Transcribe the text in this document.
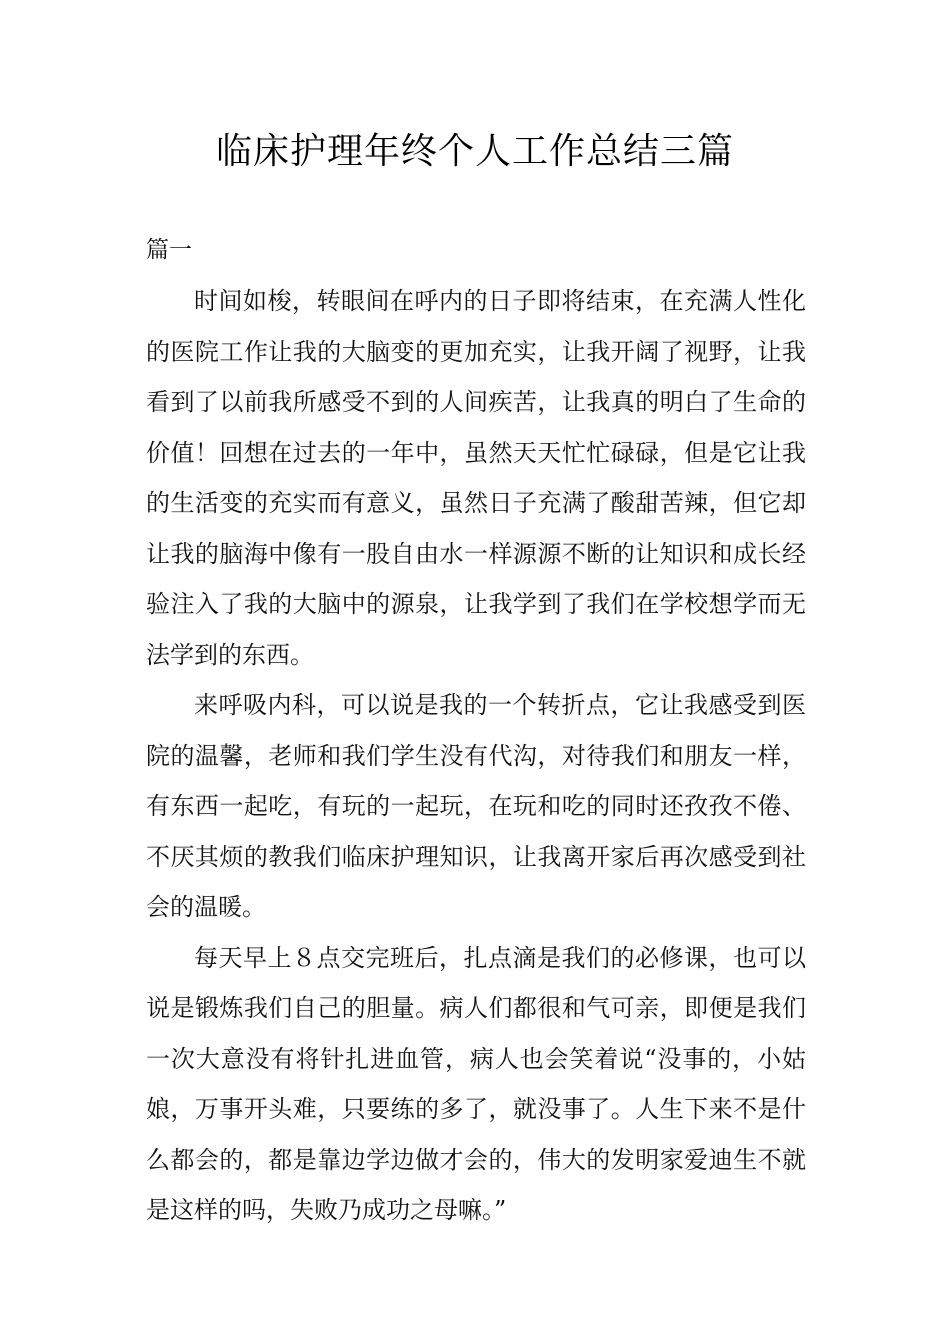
临床护理年终个人工作总结三篇
篇一

时间如梭，转眼间在呼内的日子即将结束，在充满人性化的医院工作让我的大脑变的更加充实，让我开阔了视野，让我看到了以前我所感受不到的人间疾苦，让我真的明白了生命的价值！回想在过去的一年中，虽然天天忙忙碌碌，但是它让我的生活变的充实而有意义，虽然日子充满了酸甜苦辣，但它却让我的脑海中像有一股自由水一样源源不断的让知识和成长经验注入了我的大脑中的源泉，让我学到了我们在学校想学而无法学到的东西。

来呼吸内科，可以说是我的一个转折点，它让我感受到医院的温馨，老师和我们学生没有代沟，对待我们和朋友一样，有东西一起吃，有玩的一起玩，在玩和吃的同时还孜孜不倦、不厌其烦的教我们临床护理知识，让我离开家后再次感受到社会的温暖。

每天早上８点交完班后，扎点滴是我们的必修课，也可以说是锻炼我们自己的胆量。病人们都很和气可亲，即便是我们一次大意没有将针扎进血管，病人也会笑着说“没事的，小姑娘，万事开头难，只要练的多了，就没事了。人生下来不是什么都会的，都是靠边学边做才会的，伟大的发明家爱迪生不就是这样的吗，失败乃成功之母嘛。”
